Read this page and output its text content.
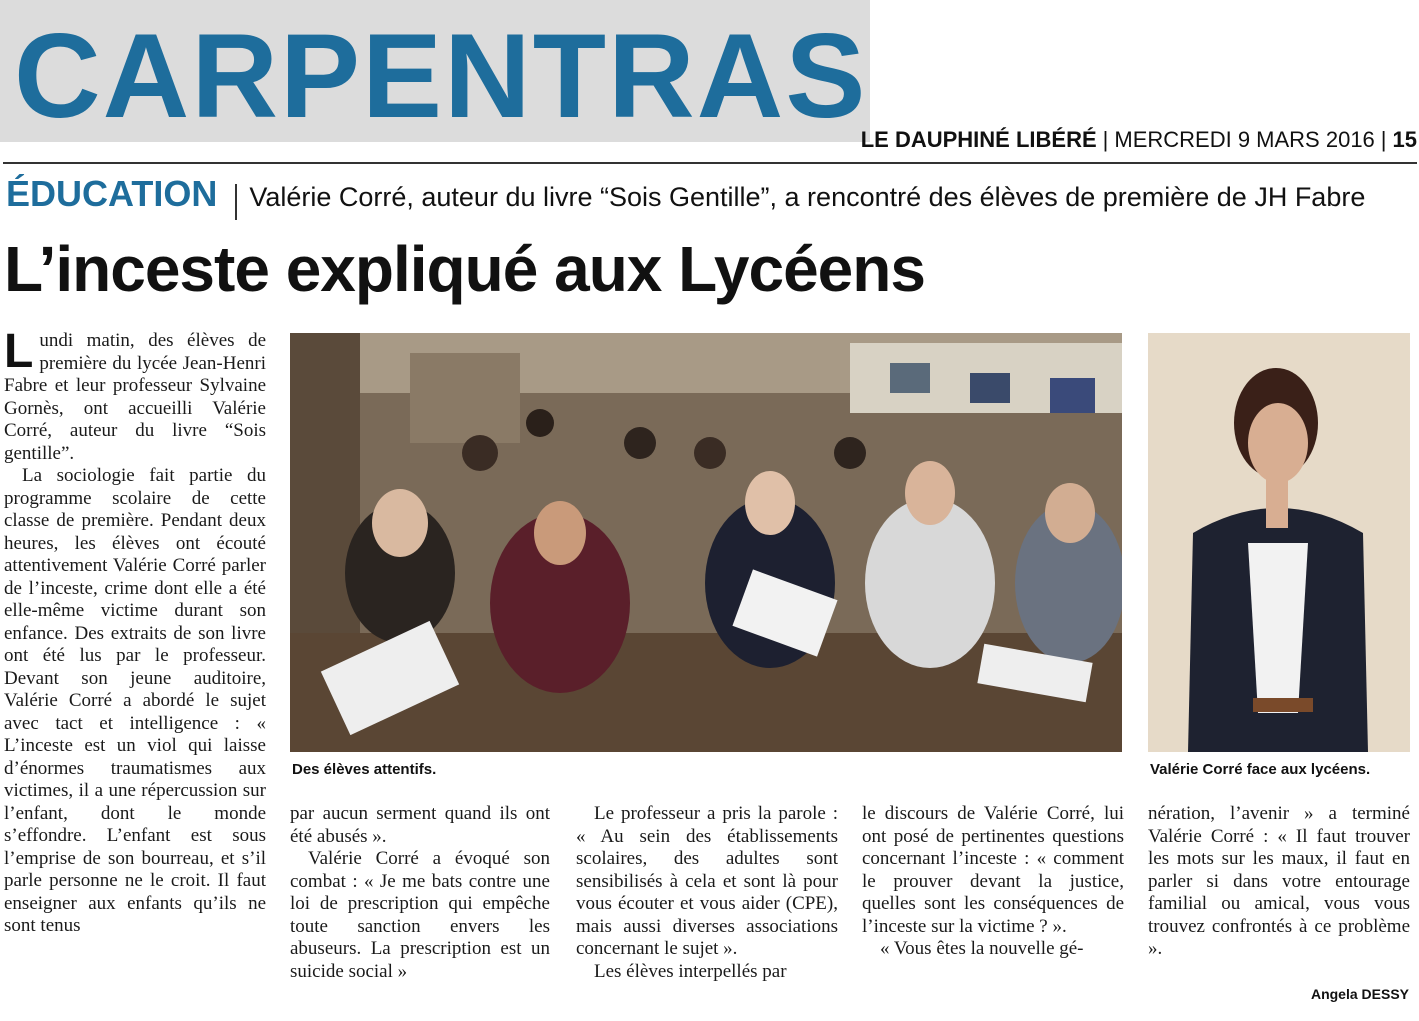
CARPENTRAS
LE DAUPHINÉ LIBÉRÉ | MERCREDI 9 MARS 2016 | 15
ÉDUCATION Valérie Corré, auteur du livre “Sois Gentille”, a rencontré des élèves de première de JH Fabre
L’inceste expliqué aux Lycéens

Lundi matin, des élèves de première du lycée Jean-Henri Fabre et leur professeur Sylvaine Gornès, ont accueilli Valérie Corré, auteur du livre “Sois gentille”.

La sociologie fait partie du programme scolaire de cette classe de première. Pendant deux heures, les élèves ont écouté attentivement Valérie Corré parler de l’inceste, crime dont elle a été elle-même victime durant son enfance. Des extraits de son livre ont été lus par le professeur. Devant son jeune auditoire, Valérie Corré a abordé le sujet avec tact et intelligence : « L’inceste est un viol qui laisse d’énormes traumatismes aux victimes, il a une répercussion sur l’enfant, dont le monde s’effondre. L’enfant est sous l’emprise de son bourreau, et s’il parle personne ne le croit. Il faut enseigner aux enfants qu’ils ne sont tenus

Des élèves attentifs.	Valérie Corré face aux lycéens.

par aucun serment quand ils ont été abusés ».

Valérie Corré a évoqué son combat : « Je me bats contre une loi de prescription qui empêche toute sanction envers les abuseurs. La prescription est un suicide social »

Le professeur a pris la parole : « Au sein des établissements scolaires, des adultes sont sensibilisés à cela et sont là pour vous écouter et vous aider (CPE), mais aussi diverses associations concernant le sujet ».

Les élèves interpellés par

le discours de Valérie Corré, lui ont posé de pertinentes questions concernant l’inceste : « comment le prouver devant la justice, quelles sont les conséquences de l’inceste sur la victime ? ».

« Vous êtes la nouvelle gé-

nération, l’avenir » a terminé Valérie Corré : « Il faut trouver les mots sur les maux, il faut en parler si dans votre entourage familial ou amical, vous vous trouvez confrontés à ce problème ».

Angela DESSY
